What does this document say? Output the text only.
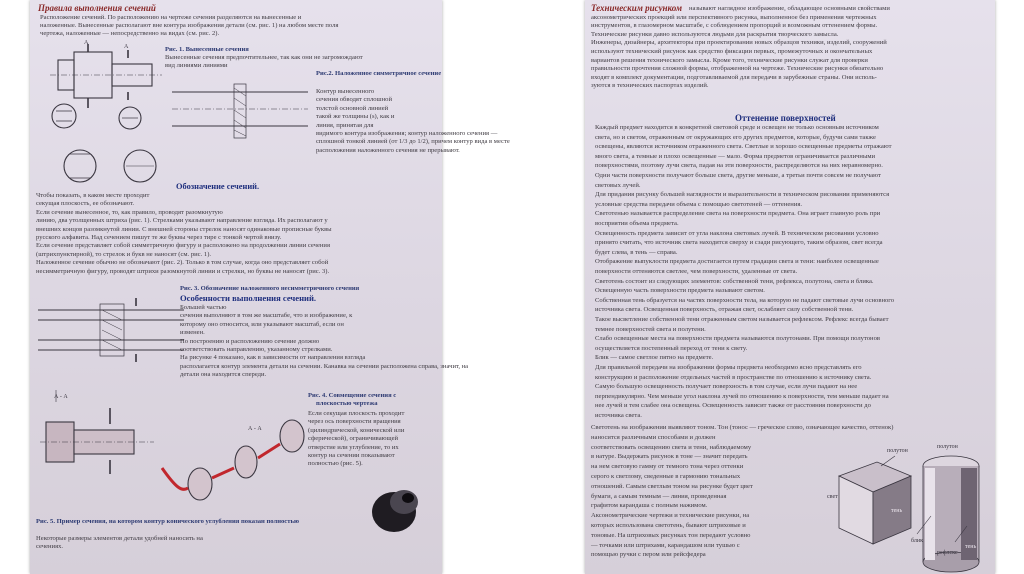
Правила выполнения сечений
Расположение сечений. По расположению на чертеже сечения разделяются на вынесенные и
наложенные. Вынесенные располагают вне контура изображения детали (см. рис. 1) на любом месте поля
чертежа, наложенные — непосредственно на видах (см. рис. 2).
А
А	Рис. 1. Вынесенные сечения
Вынесенные сечения предпочтительнее, так как они не загромождают
вид линиями линиями
Рис.2. Наложенное симметричное сечение
Контур вынесенного
сечения обводят сплошной
толстой основной линией
такой же толщины (s), как и
линия, принятая для
видимого контура изображения; контур наложенного сечения —
сплошной тонкой линией (от 1/3 до 1/2), причем контур вида в месте
расположения наложенного сечения не прерывают.
Обозначение сечений.
Чтобы показать, в каком месте проходит
секущая плоскость, ее обозначают.
Если сечение вынесенное, то, как правило, проводят разомкнутую
линию, два утолщенных штриха (рис. 1). Стрелками указывают направление взгляда. Их располагают у
внешних концов разомкнутой линии. С внешней стороны стрелок наносят одинаковые прописные буквы
русского алфавита. Над сечением пишут те же буквы через тире с тонкой чертой внизу.
Если сечение представляет собой симметричную фигуру и расположено на продолжении линии сечения
(штрихпунктирной), то стрелок и букв не наносят (см. рис. 1).
Наложенное сечение обычно не обозначают (рис. 2). Только в том случае, когда оно представляет собой
несимметричную фигуру, проводят штрихи разомкнутой линии и стрелки, но буквы не наносят (рис. 3).
Рис. 3. Обозначение наложенного несимметричного сечения
Особенности выполнения сечений.
Большей частью
сечения выполняют в том же масштабе, что и изображение, к
которому оно относится, или указывают масштаб, если он
изменен.
По построению и расположению сечение должно
соответствовать направлению, указанному стрелками.
На рисунке 4 показано, как в зависимости от направления взгляда
располагается контур элемента детали на сечении. Канавка на сечении расположена справа, значит, на
детали она находится спереди.
А - А
А - А
Рис. 4. Совмещение сечения с
плоскостью чертежа
Если секущая плоскость проходит
через ось поверхности вращения
(цилиндрической, конической или
сферической), ограничивающей
отверстие или углубление, то их
контур на сечении показывают
полностью (рис. 5).
Рис. 5. Пример сечения, на котором контур конического углубления показан полностью
Некоторые размеры элементов детали удобней наносить на
сечениях.
Техническим рисунком называют наглядное изображение, обладающее основными свойствами
аксонометрических проекций или перспективного рисунка, выполненное без применения чертежных
инструментов, в глазомерном масштабе, с соблюдением пропорций и возможным оттенением формы.
Технические рисунки давно используются людьми для раскрытия творческого замысла.
Инженеры, дизайнеры, архитекторы при проектировании новых образцов техники, изделий, сооружений
используют технический рисунок как средство фиксации первых, промежуточных и окончательных
вариантов решения технического замысла. Кроме того, технические рисунки служат для проверки
правильности прочтения сложной формы, отображенной на чертеже. Технические рисунки обязательно
входят в комплект документации, подготавливаемой для передачи в зарубежные страны. Они исполь-
зуются в технических паспортах изделий.
Оттенение поверхностей
Каждый предмет находится в конкретной световой среде и освещен не только основным источником
света, но и светом, отраженным от окружающих его других предметов, которые, будучи сами также
освещены, являются источником отраженного света. Светлые и хорошо освещенные предметы отражают
много света, а темные и плохо освещенные — мало. Форма предметов ограничивается различными
поверхностями, поэтому лучи света, падая на эти поверхности, распределяются на них неравномерно.
Одни части поверхности получают больше света, другие меньше, а третьи почти совсем не получают
световых лучей.
Для придания рисунку большей наглядности и выразительности в техническом рисовании применяются
условные средства передачи объема с помощью светотеней — оттенения.
Светотенью называется распределение света на поверхности предмета. Она играет главную роль при
восприятии объема предмета.
Освещенность предмета зависит от угла наклона световых лучей. В техническом рисовании условно
принято считать, что источник света находится сверху и сзади рисующего, таким образом, свет всегда
будет слева, в тень — справа.
Отображение выпуклости предмета достигается путем градации света и тени: наиболее освещенные
поверхности оттеняются светлее, чем поверхности, удаленные от света.
Светотень состоит из следующих элементов: собственной тени, рефлекса, полутона, света и блика.
Освещенную часть поверхности предмета называют светом.
Собственная тень образуется на частях поверхности тела, на которую не падают световые лучи основного
источника света. Освещенная поверхность, отражая свет, ослабляет силу собственной тени.
Такое высветление собственной тени отраженным светом называется рефлексом. Рефлекс всегда бывает
темнее поверхностей света и полутени.
Слабо освещенные места на поверхности предмета называются полутонами. При помощи полутонов
осуществляется постепенный переход от тени к свету.
Блик — самое светлое пятно на предмете.
Для правильной передачи на изображении формы предмета необходимо ясно представлять его
конструкцию и расположение отдельных частей в пространстве по отношению к источнику света.
Самую большую освещенность получает поверхность в том случае, если лучи падают на нее
перпендикулярно. Чем меньше угол наклона лучей по отношению к поверхности, тем меньше падает на
нее лучей и тем слабее она освещена. Освещенность зависит также от расстояния поверхности до
источника света.
Светотень на изображении выявляют тоном. Тон (тонос — греческое слово, означающее качество, оттенок)
наносится различными способами и должен
соответствовать освещению света и тени, наблюдаемому
в натуре. Выдержать рисунок в тоне — значит передать
на нем световую гамму от темного тона через оттенки
серого к светлому, сведенные в гармонию тональных
отношений. Самым светлым тоном на рисунке будет цвет
бумаги, а самым темным — линия, проведенная
графитом карандаша с полным нажимом.
Аксонометрические чертежи и технические рисунки, на
которых использована светотень, бывают штриховые и
тоновые. На штриховых рисунках тон передают условно
— точками или штрихами, карандашом или тушью с
помощью ручки с пером или рейсфедера
полутон
свет
тень
полутон
блик
рефлекс
тень
